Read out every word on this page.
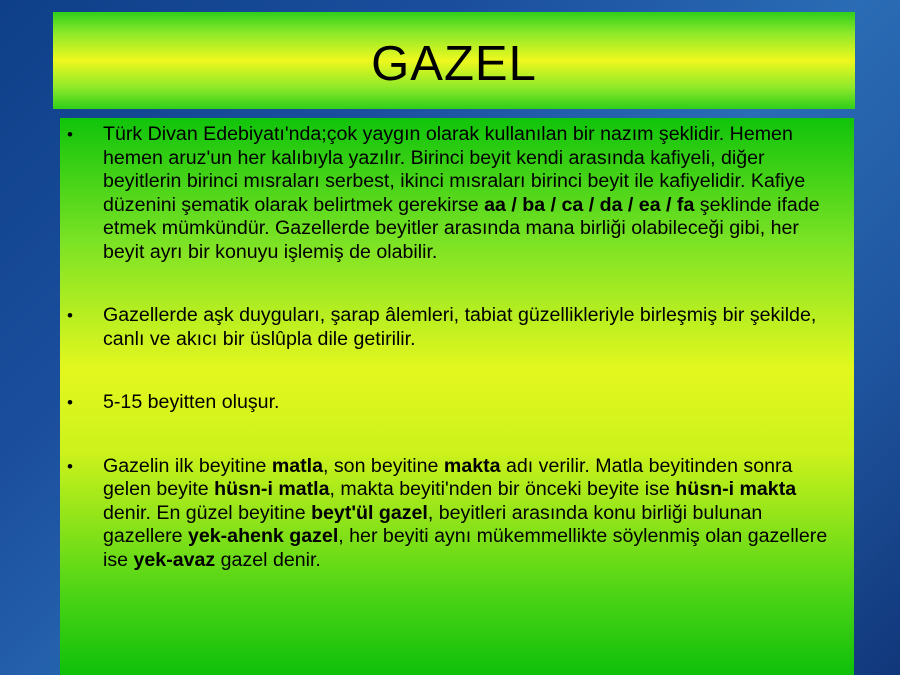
GAZEL
• Türk Divan Edebiyatı'nda;çok yaygın olarak kullanılan bir nazım şeklidir. Hemen hemen aruz'un her kalıbıyla yazılır. Birinci beyit kendi arasında kafiyeli, diğer beyitlerin birinci mısraları serbest, ikinci mısraları birinci beyit ile kafiyelidir. Kafiye düzenini şematik olarak belirtmek gerekirse aa / ba / ca / da / ea / fa şeklinde ifade etmek mümkündür. Gazellerde beyitler arasında mana birliği olabileceği gibi, her beyit ayrı bir konuyu işlemiş de olabilir.
• Gazellerde aşk duyguları, şarap âlemleri, tabiat güzellikleriyle birleşmiş bir şekilde, canlı ve akıcı bir üslûpla dile getirilir.
• 5-15 beyitten oluşur.
• Gazelin ilk beyitine matla, son beyitine makta adı verilir. Matla beyitinden sonra gelen beyite hüsn-i matla, makta beyiti'nden bir önceki beyite ise hüsn-i makta denir. En güzel beyitine beyt'ül gazel, beyitleri arasında konu birliği bulunan gazellere yek-ahenk gazel, her beyiti aynı mükemmellikte söylenmiş olan gazellere ise yek-avaz gazel denir.
